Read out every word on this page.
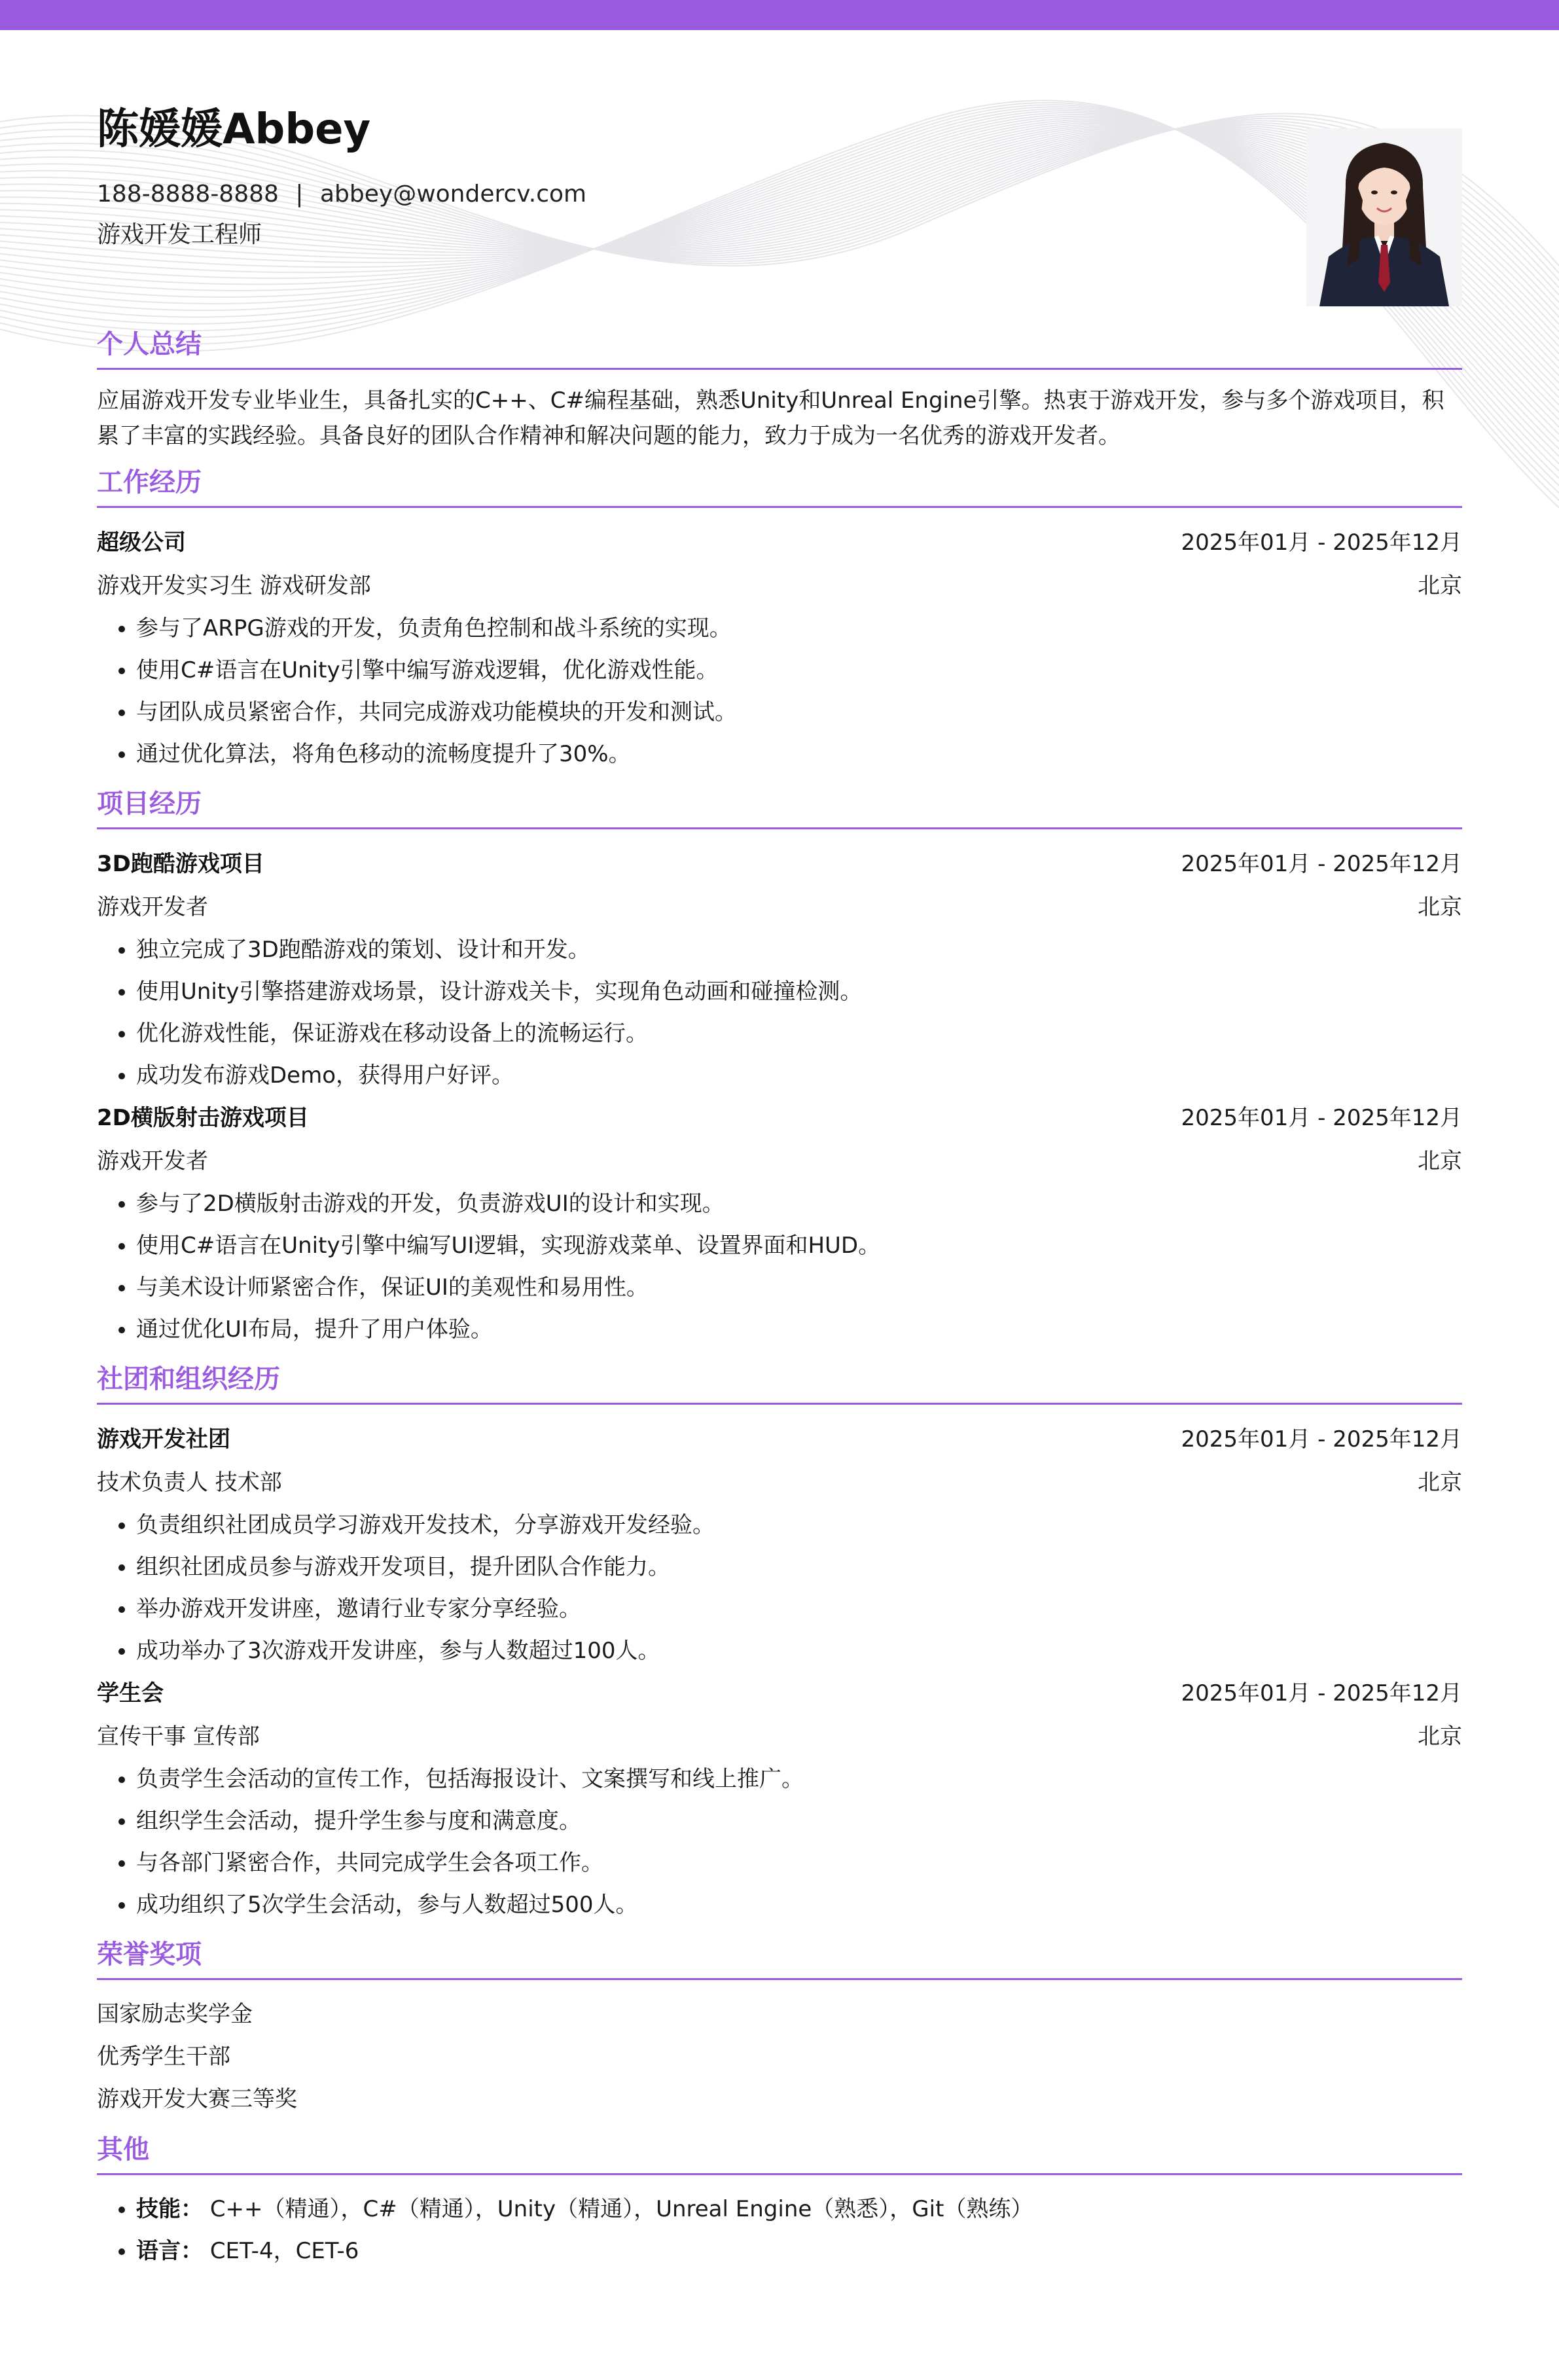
陈媛媛Abbey
188-8888-8888 | abbey@wondercv.com
游戏开发工程师
个人总结
应届游戏开发专业毕业生，具备扎实的C++、C#编程基础，熟悉Unity和Unreal Engine引擎。热衷于游戏开发，参与多个游戏项目，积累了丰富的实践经验。具备良好的团队合作精神和解决问题的能力，致力于成为一名优秀的游戏开发者。
工作经历
超级公司	2025年01月 - 2025年12月
游戏开发实习生 游戏研发部	北京
• 参与了ARPG游戏的开发，负责角色控制和战斗系统的实现。
• 使用C#语言在Unity引擎中编写游戏逻辑，优化游戏性能。
• 与团队成员紧密合作，共同完成游戏功能模块的开发和测试。
• 通过优化算法，将角色移动的流畅度提升了30%。
项目经历
3D跑酷游戏项目	2025年01月 - 2025年12月
游戏开发者	北京
• 独立完成了3D跑酷游戏的策划、设计和开发。
• 使用Unity引擎搭建游戏场景，设计游戏关卡，实现角色动画和碰撞检测。
• 优化游戏性能，保证游戏在移动设备上的流畅运行。
• 成功发布游戏Demo，获得用户好评。
2D横版射击游戏项目	2025年01月 - 2025年12月
游戏开发者	北京
• 参与了2D横版射击游戏的开发，负责游戏UI的设计和实现。
• 使用C#语言在Unity引擎中编写UI逻辑，实现游戏菜单、设置界面和HUD。
• 与美术设计师紧密合作，保证UI的美观性和易用性。
• 通过优化UI布局，提升了用户体验。
社团和组织经历
游戏开发社团	2025年01月 - 2025年12月
技术负责人 技术部	北京
• 负责组织社团成员学习游戏开发技术，分享游戏开发经验。
• 组织社团成员参与游戏开发项目，提升团队合作能力。
• 举办游戏开发讲座，邀请行业专家分享经验。
• 成功举办了3次游戏开发讲座，参与人数超过100人。
学生会	2025年01月 - 2025年12月
宣传干事 宣传部	北京
• 负责学生会活动的宣传工作，包括海报设计、文案撰写和线上推广。
• 组织学生会活动，提升学生参与度和满意度。
• 与各部门紧密合作，共同完成学生会各项工作。
• 成功组织了5次学生会活动，参与人数超过500人。
荣誉奖项
国家励志奖学金
优秀学生干部
游戏开发大赛三等奖
其他
• 技能： C++（精通），C#（精通），Unity（精通），Unreal Engine（熟悉），Git（熟练）
• 语言： CET-4，CET-6
